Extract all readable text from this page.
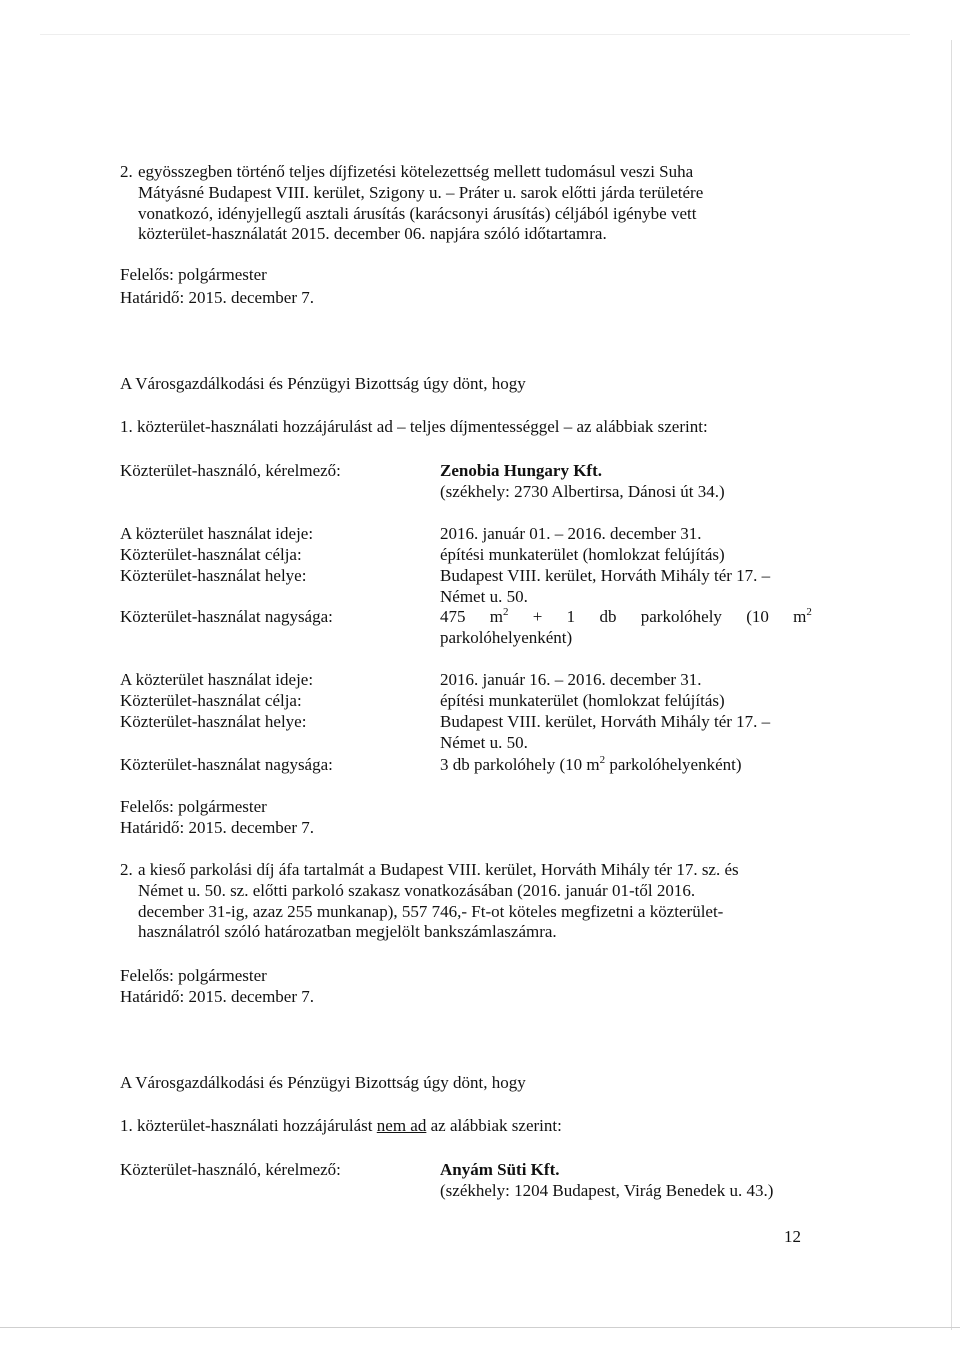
2. egyösszegben történő teljes díjfizetési kötelezettség mellett tudomásul veszi Suha
Mátyásné Budapest VIII. kerület, Szigony u. – Práter u. sarok előtti járda területére
vonatkozó, idényjellegű asztali árusítás (karácsonyi árusítás) céljából igénybe vett
közterület-használatát 2015. december 06. napjára szóló időtartamra.
Felelős: polgármester
Határidő: 2015. december 7.
A Városgazdálkodási és Pénzügyi Bizottság úgy dönt, hogy
1. közterület-használati hozzájárulást ad – teljes díjmentességgel – az alábbiak szerint:
Közterület-használó, kérelmező:	Zenobia Hungary Kft.
(székhely: 2730 Albertirsa, Dánosi út 34.)
A közterület használat ideje:	2016. január 01. – 2016. december 31.
Közterület-használat célja:	építési munkaterület (homlokzat felújítás)
Közterület-használat helye:	Budapest VIII. kerület, Horváth Mihály tér 17. –
Német u. 50.
Közterület-használat nagysága:	475 $m^2 + 1$ db parkolóhely (10 $m^2$
parkolóhelyenként)
A közterület használat ideje:	2016. január 16. – 2016. december 31.
Közterület-használat célja:	építési munkaterület (homlokzat felújítás)
Közterület-használat helye:	Budapest VIII. kerület, Horváth Mihály tér 17. –
Német u. 50.
Közterület-használat nagysága:	3 db parkolóhely (10 $m^2$ parkolóhelyenként)
Felelős: polgármester
Határidő: 2015. december 7.
2. a kieső parkolási díj áfa tartalmát a Budapest VIII. kerület, Horváth Mihály tér 17. sz. és
Német u. 50. sz. előtti parkoló szakasz vonatkozásában (2016. január 01-től 2016.
december 31-ig, azaz 255 munkanap), 557 746,- Ft-ot köteles megfizetni a közterület-
használatról szóló határozatban megjelölt bankszámlaszámra.
Felelős: polgármester
Határidő: 2015. december 7.
A Városgazdálkodási és Pénzügyi Bizottság úgy dönt, hogy
1. közterület-használati hozzájárulást nem ad az alábbiak szerint:
Közterület-használó, kérelmező:	Anyám Süti Kft.
(székhely: 1204 Budapest, Virág Benedek u. 43.)
12
